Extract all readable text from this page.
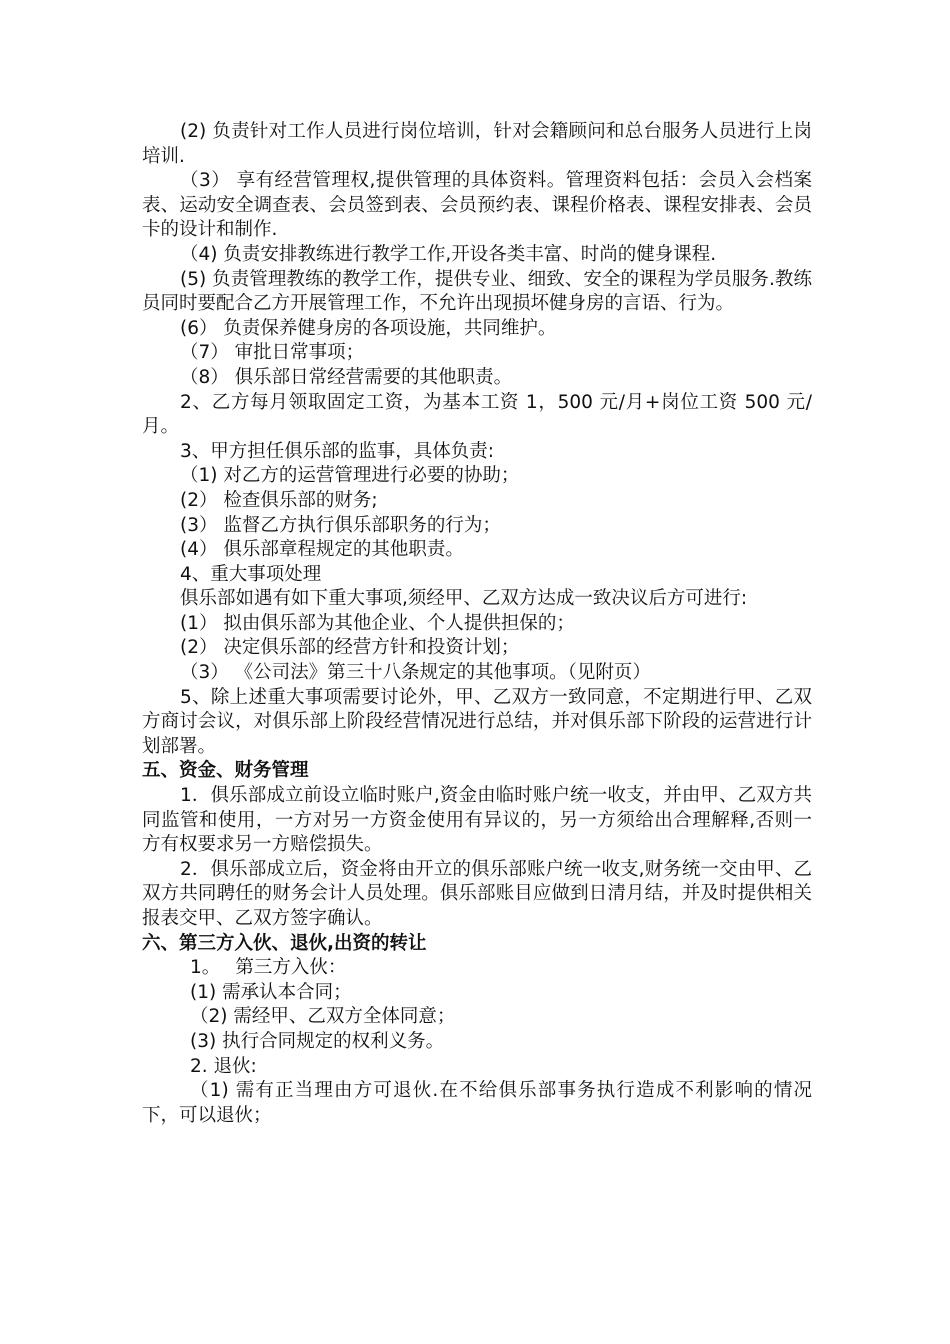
(2) 负责针对工作人员进行岗位培训，针对会籍顾问和总台服务人员进行上岗培训.

（3） 享有经营管理权,提供管理的具体资料。管理资料包括：会员入会档案表、运动安全调查表、会员签到表、会员预约表、课程价格表、课程安排表、会员卡的设计和制作.

（4) 负责安排教练进行教学工作,开设各类丰富、时尚的健身课程.

(5) 负责管理教练的教学工作，提供专业、细致、安全的课程为学员服务.教练员同时要配合乙方开展管理工作，不允许出现损坏健身房的言语、行为。

(6） 负责保养健身房的各项设施，共同维护。

（7） 审批日常事项；

（8） 俱乐部日常经营需要的其他职责。

2、乙方每月领取固定工资，为基本工资 1，500 元/月+岗位工资 500 元/月。

3、甲方担任俱乐部的监事，具体负责:

（1) 对乙方的运营管理进行必要的协助；

(2） 检查俱乐部的财务;

(3） 监督乙方执行俱乐部职务的行为；

(4） 俱乐部章程规定的其他职责。

4、重大事项处理

俱乐部如遇有如下重大事项,须经甲、乙双方达成一致决议后方可进行:

(1） 拟由俱乐部为其他企业、个人提供担保的；

(2） 决定俱乐部的经营方针和投资计划；

（3） 《公司法》第三十八条规定的其他事项。（见附页）

5、除上述重大事项需要讨论外，甲、乙双方一致同意，不定期进行甲、乙双方商讨会议，对俱乐部上阶段经营情况进行总结，并对俱乐部下阶段的运营进行计划部署。

五、资金、财务管理

1．俱乐部成立前设立临时账户,资金由临时账户统一收支，并由甲、乙双方共同监管和使用，一方对另一方资金使用有异议的，另一方须给出合理解释,否则一方有权要求另一方赔偿损失。

2．俱乐部成立后，资金将由开立的俱乐部账户统一收支,财务统一交由甲、乙双方共同聘任的财务会计人员处理。俱乐部账目应做到日清月结，并及时提供相关报表交甲、乙双方签字确认。

六、第三方入伙、退伙,出资的转让

1。　 第三方入伙：

(1) 需承认本合同；

（2) 需经甲、乙双方全体同意；

(3) 执行合同规定的权利义务。

2. 退伙:

（1) 需有正当理由方可退伙.在不给俱乐部事务执行造成不利影响的情况下，可以退伙；
